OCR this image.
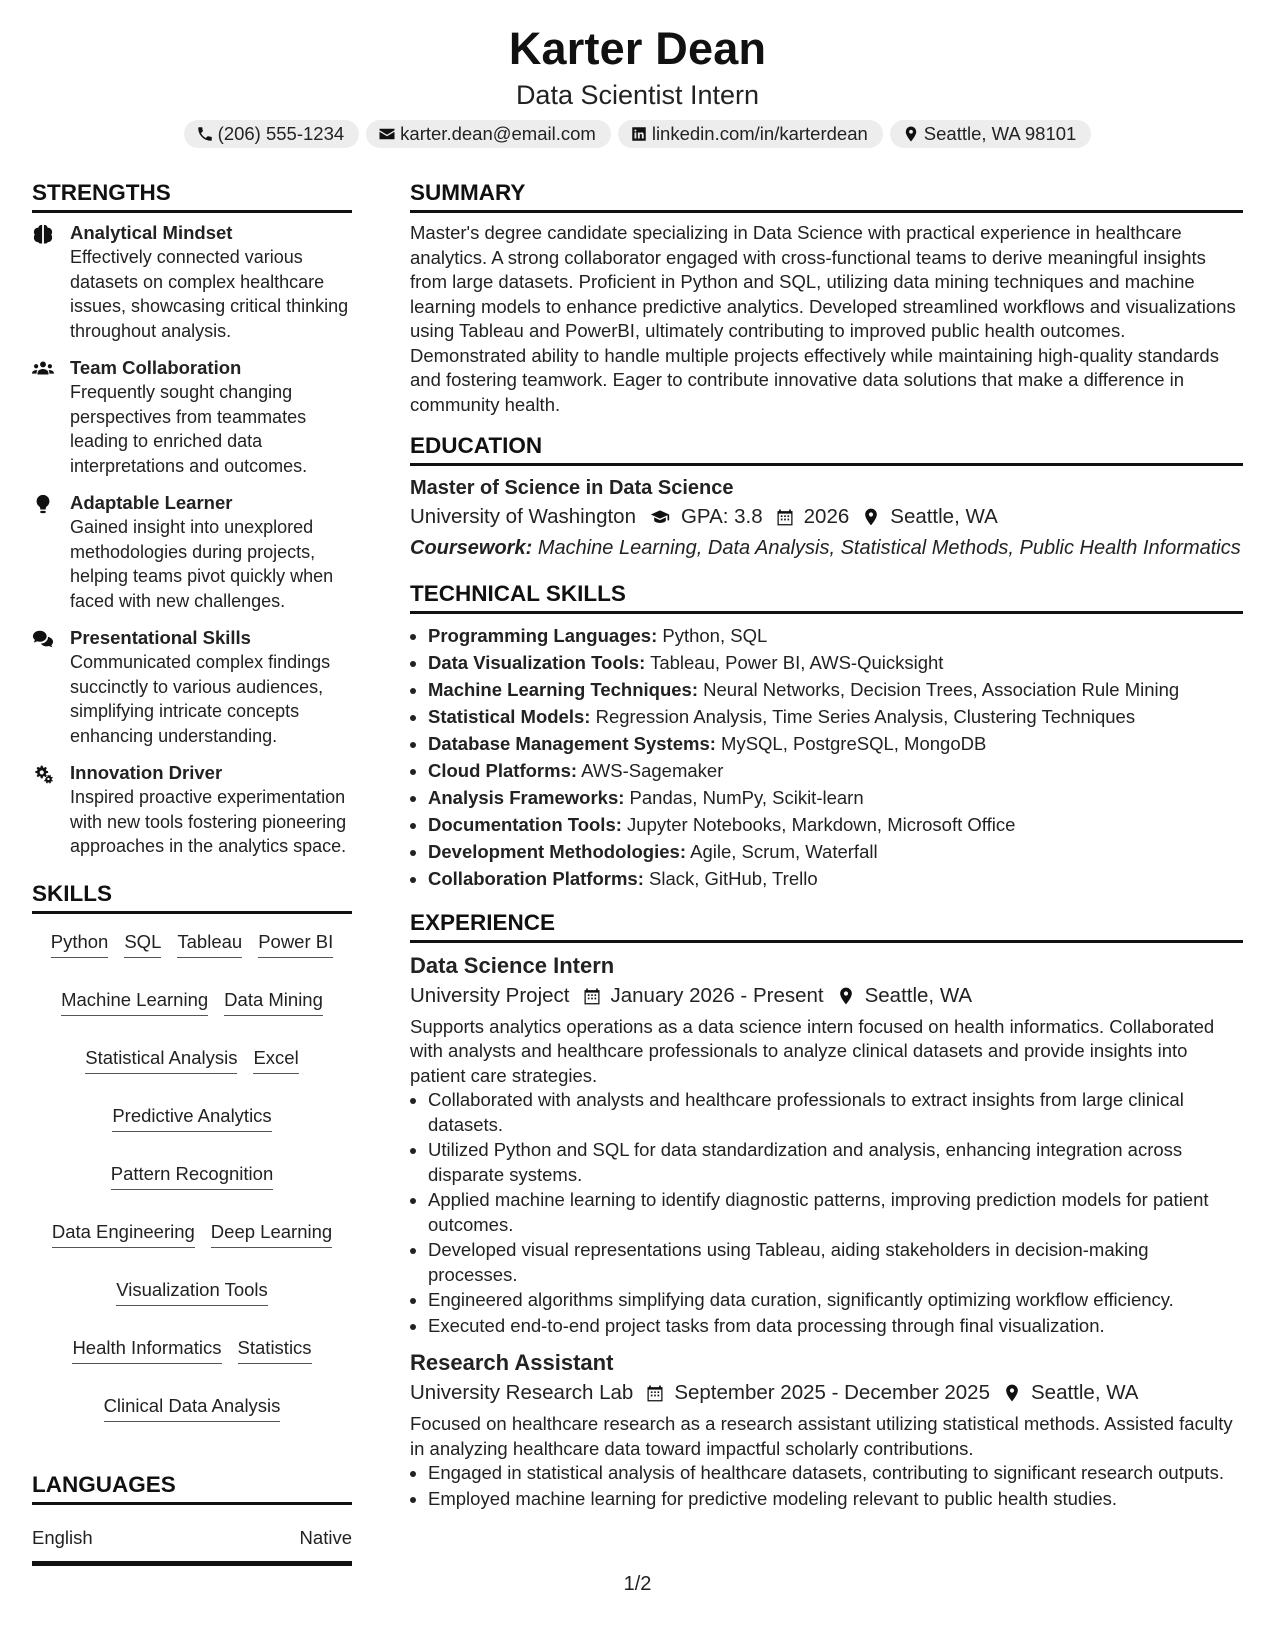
Karter Dean
Data Scientist Intern
(206) 555-1234	karter.dean@email.com	linkedin.com/in/karterdean	Seattle, WA 98101
STRENGTHS
Analytical Mindset
Effectively connected various datasets on complex healthcare issues, showcasing critical thinking throughout analysis.
Team Collaboration
Frequently sought changing perspectives from teammates leading to enriched data interpretations and outcomes.
Adaptable Learner
Gained insight into unexplored methodologies during projects, helping teams pivot quickly when faced with new challenges.
Presentational Skills
Communicated complex findings succinctly to various audiences, simplifying intricate concepts enhancing understanding.
Innovation Driver
Inspired proactive experimentation with new tools fostering pioneering approaches in the analytics space.
SKILLS
Python SQL Tableau Power BI
Machine Learning Data Mining
Statistical Analysis Excel
Predictive Analytics
Pattern Recognition
Data Engineering Deep Learning
Visualization Tools
Health Informatics Statistics
Clinical Data Analysis
LANGUAGES
English	Native
SUMMARY

Master's degree candidate specializing in Data Science with practical experience in healthcare analytics. A strong collaborator engaged with cross-functional teams to derive meaningful insights from large datasets. Proficient in Python and SQL, utilizing data mining techniques and machine learning models to enhance predictive analytics. Developed streamlined workflows and visualizations using Tableau and PowerBI, ultimately contributing to improved public health outcomes. Demonstrated ability to handle multiple projects effectively while maintaining high-quality standards and fostering teamwork. Eager to contribute innovative data solutions that make a difference in community health.

EDUCATION
Master of Science in Data Science
University of Washington GPA: 3.8 2026 Seattle, WA
Coursework: Machine Learning, Data Analysis, Statistical Methods, Public Health Informatics
TECHNICAL SKILLS
• Programming Languages: Python, SQL
• Data Visualization Tools: Tableau, Power BI, AWS-Quicksight
• Machine Learning Techniques: Neural Networks, Decision Trees, Association Rule Mining
• Statistical Models: Regression Analysis, Time Series Analysis, Clustering Techniques
• Database Management Systems: MySQL, PostgreSQL, MongoDB
• Cloud Platforms: AWS-Sagemaker
• Analysis Frameworks: Pandas, NumPy, Scikit-learn
• Documentation Tools: Jupyter Notebooks, Markdown, Microsoft Office
• Development Methodologies: Agile, Scrum, Waterfall
• Collaboration Platforms: Slack, GitHub, Trello
EXPERIENCE
Data Science Intern
University Project January 2026 - Present Seattle, WA
Supports analytics operations as a data science intern focused on health informatics. Collaborated with analysts and healthcare professionals to analyze clinical datasets and provide insights into patient care strategies.
• Collaborated with analysts and healthcare professionals to extract insights from large clinical datasets.
• Utilized Python and SQL for data standardization and analysis, enhancing integration across disparate systems.
• Applied machine learning to identify diagnostic patterns, improving prediction models for patient outcomes.
• Developed visual representations using Tableau, aiding stakeholders in decision-making processes.
• Engineered algorithms simplifying data curation, significantly optimizing workflow efficiency.
• Executed end-to-end project tasks from data processing through final visualization.
Research Assistant
University Research Lab September 2025 - December 2025 Seattle, WA
Focused on healthcare research as a research assistant utilizing statistical methods. Assisted faculty in analyzing healthcare data toward impactful scholarly contributions.
• Engaged in statistical analysis of healthcare datasets, contributing to significant research outputs.
• Employed machine learning for predictive modeling relevant to public health studies.
1/2
